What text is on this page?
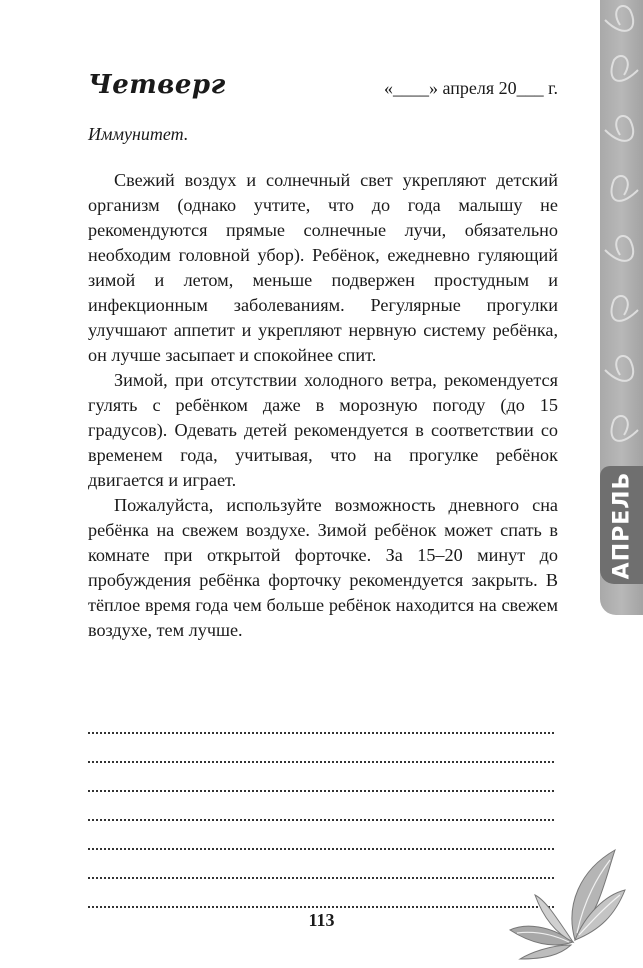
АПРЕЛЬ
Четверг	«____» апреля 20___ г.
Иммунитет.

Свежий воздух и солнечный свет укрепляют детский организм (однако учтите, что до года малышу не рекомендуются прямые солнечные лучи, обязательно необходим головной убор). Ребёнок, ежедневно гуляющий зимой и летом, меньше подвержен простудным и инфекционным заболеваниям. Регулярные прогулки улучшают аппетит и укрепляют нервную систему ребёнка, он лучше засыпает и спокойнее спит.

Зимой, при отсутствии холодного ветра, рекомендуется гулять с ребёнком даже в морозную погоду (до 15 градусов). Одевать детей рекомендуется в соответствии со временем года, учитывая, что на прогулке ребёнок двигается и играет.

Пожалуйста, используйте возможность дневного сна ребёнка на свежем воздухе. Зимой ребёнок может спать в комнате при открытой форточке. За 15–20 минут до пробуждения ребёнка форточку рекомендуется закрыть. В тёплое время года чем больше ребёнок находится на свежем воздухе, тем лучше.

113
